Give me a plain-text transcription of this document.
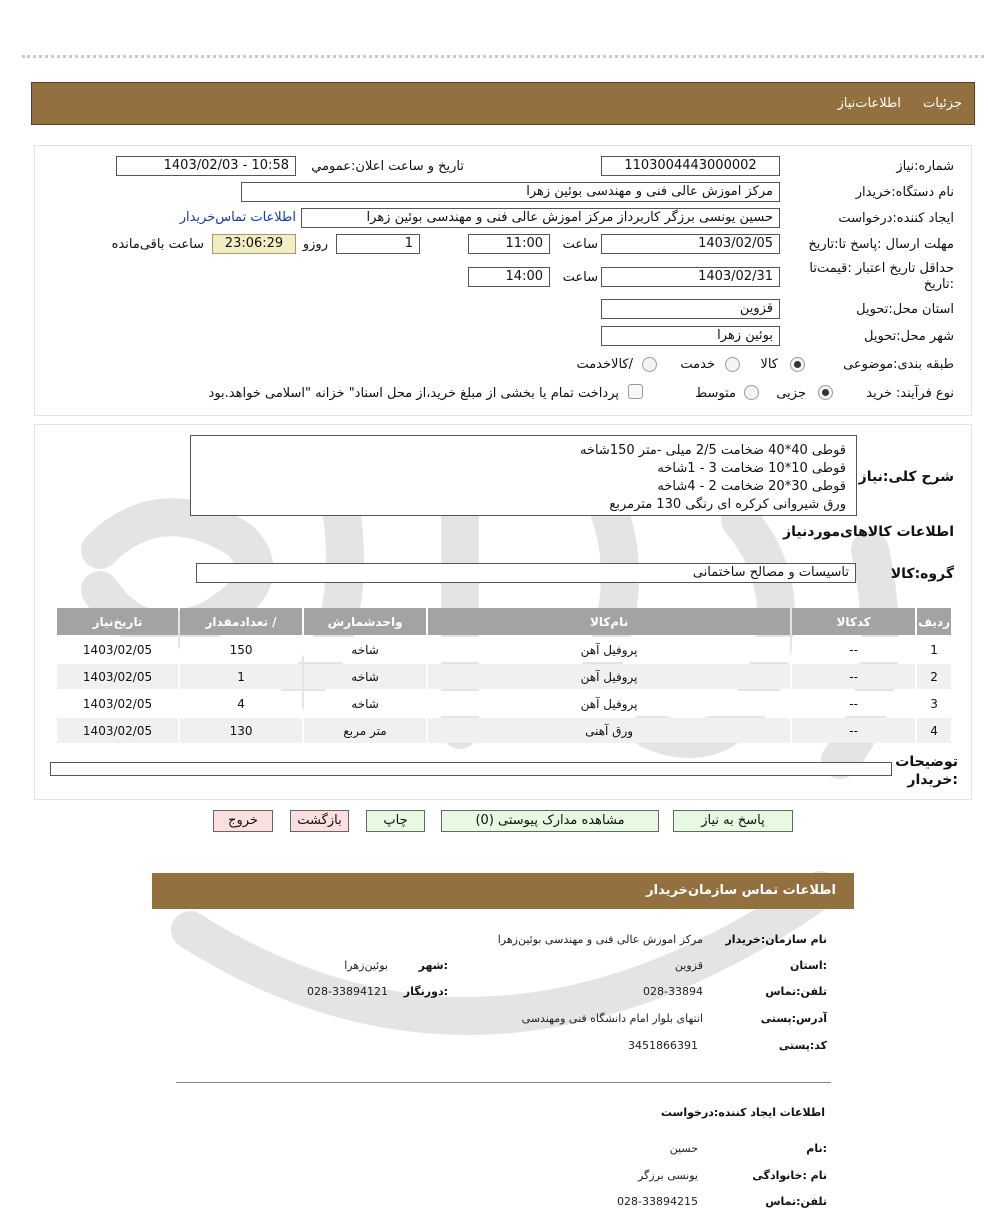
جزئیات اطلاعات‌نیاز
شماره:نیاز
1103004443000002
تاریخ و ساعت اعلان:عمومي
1403/02/03 - 10:58
نام دستگاه:خریدار
مرکز اموزش عالی فنی و مهندسی بوئین زهرا
ایجاد کننده:درخواست
حسین یونسی برزگر کاربرداز مرکز اموزش عالی فنی و مهندسی بوئین زهرا
اطلاعات تماس‌خریدار
مهلت ارسال :پاسخ تا:تاریخ
1403/02/05
ساعت
11:00
1
روزو
23:06:29
ساعت باقی‌مانده
حداقل تاریخ اعتبار :قیمت‌تا
:تاریخ
1403/02/31
ساعت
14:00
استان محل:تحویل
قزوین
شهر محل:تحویل
بوئین زهرا
طبقه بندی:موضوعی
کالا
خدمت
/کالاخدمت
نوع فرآیند: خرید
جزیی
متوسط
پرداخت تمام یا بخشی از مبلغ خرید،از محل اسناد" خزانه "اسلامی خواهد.بود
شرح کلی:نیاز
قوطی 40*40 ضخامت 2/5 میلی -متر 150شاخه
قوطی 10*10 ضخامت 3 - 1شاخه
قوطی 30*20 ضخامت 2 - 4شاخه
ورق شیروانی کرکره ای رنگی 130 مترمربع
اطلاعات کالاهای‌موردنیاز
گروه:کالا
تاسیسات و مصالح ساختمانی
ردیف	کدکالا	نام‌کالا	واحدشمارش	/ تعدادمقدار	تاریخ‌نیاز
1	--	پروفیل آهن	شاخه	150	1403/02/05
2	--	پروفیل آهن	شاخه	1	1403/02/05
3	--	پروفیل آهن	شاخه	4	1403/02/05
4	--	ورق آهنی	متر مربع	130	1403/02/05
توضیحات
:خریدار
پاسخ به نیاز
مشاهده مدارک پیوستی (0)
چاپ
بازگشت
خروج
اطلاعات تماس سازمان‌خریدار
نام سازمان:خریدار
مرکز اموزش عالی فنی و مهندسی بوئین‌زهرا
:استان
قزوین
:شهر
بوئین‌زهرا
تلفن:تماس
028-33894
:دورنگار
028-33894121
آدرس:پستی
انتهای بلوار امام دانشگاه فنی ومهندسی
کد:پستی
3451866391
اطلاعات ایجاد کننده:درخواست
:نام
حسین
نام :خانوادگی
یونسی برزگر
تلفن:تماس
028-33894215
